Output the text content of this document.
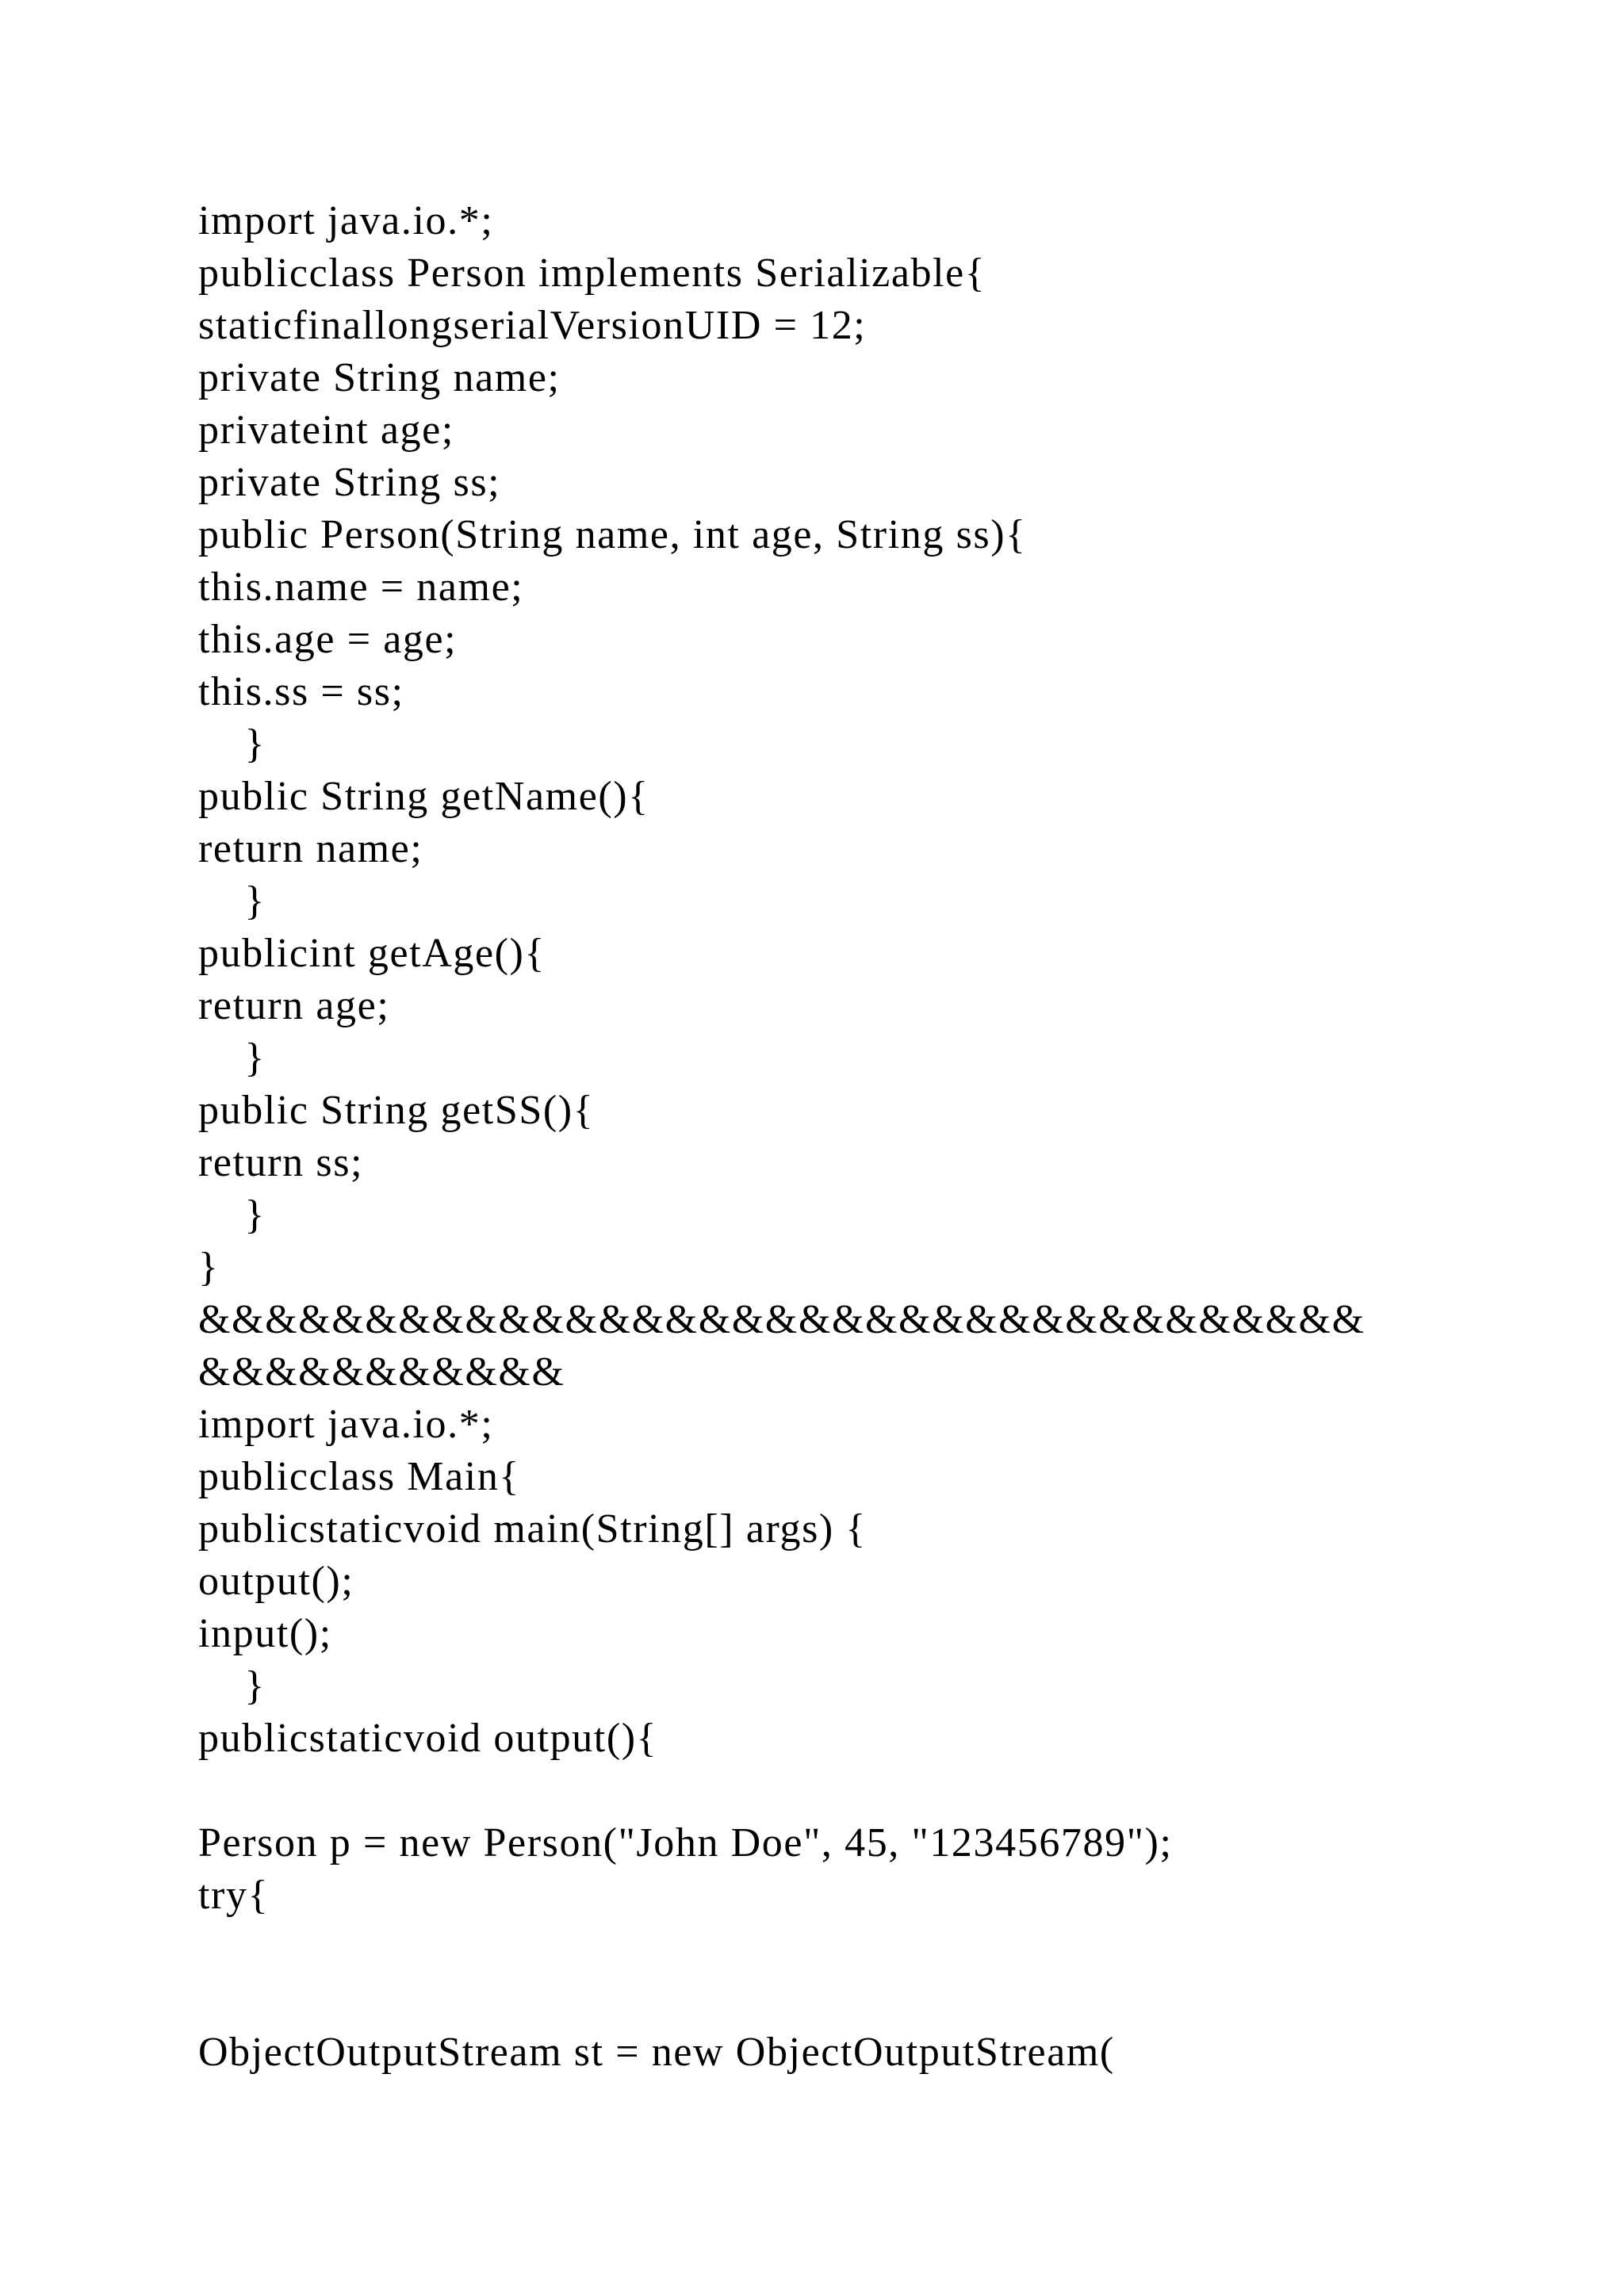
import java.io.*;
publicclass Person implements Serializable{
staticfinallongserialVersionUID = 12;
private String name;
privateint age;
private String ss;
public Person(String name, int age, String ss){
this.name = name;
this.age = age;
this.ss = ss;
}
public String getName(){
return name;
}
publicint getAge(){
return age;
}
public String getSS(){
return ss;
}
}
&&&&&&&&&&&&&&&&&&&&&&&&&&&&&&&&&&&
&&&&&&&&&&&
import java.io.*;
publicclass Main{
publicstaticvoid main(String[] args) {
output();
input();
}
publicstaticvoid output(){
Person p = new Person("John Doe", 45, "123456789");
try{
ObjectOutputStream st = new ObjectOutputStream(
